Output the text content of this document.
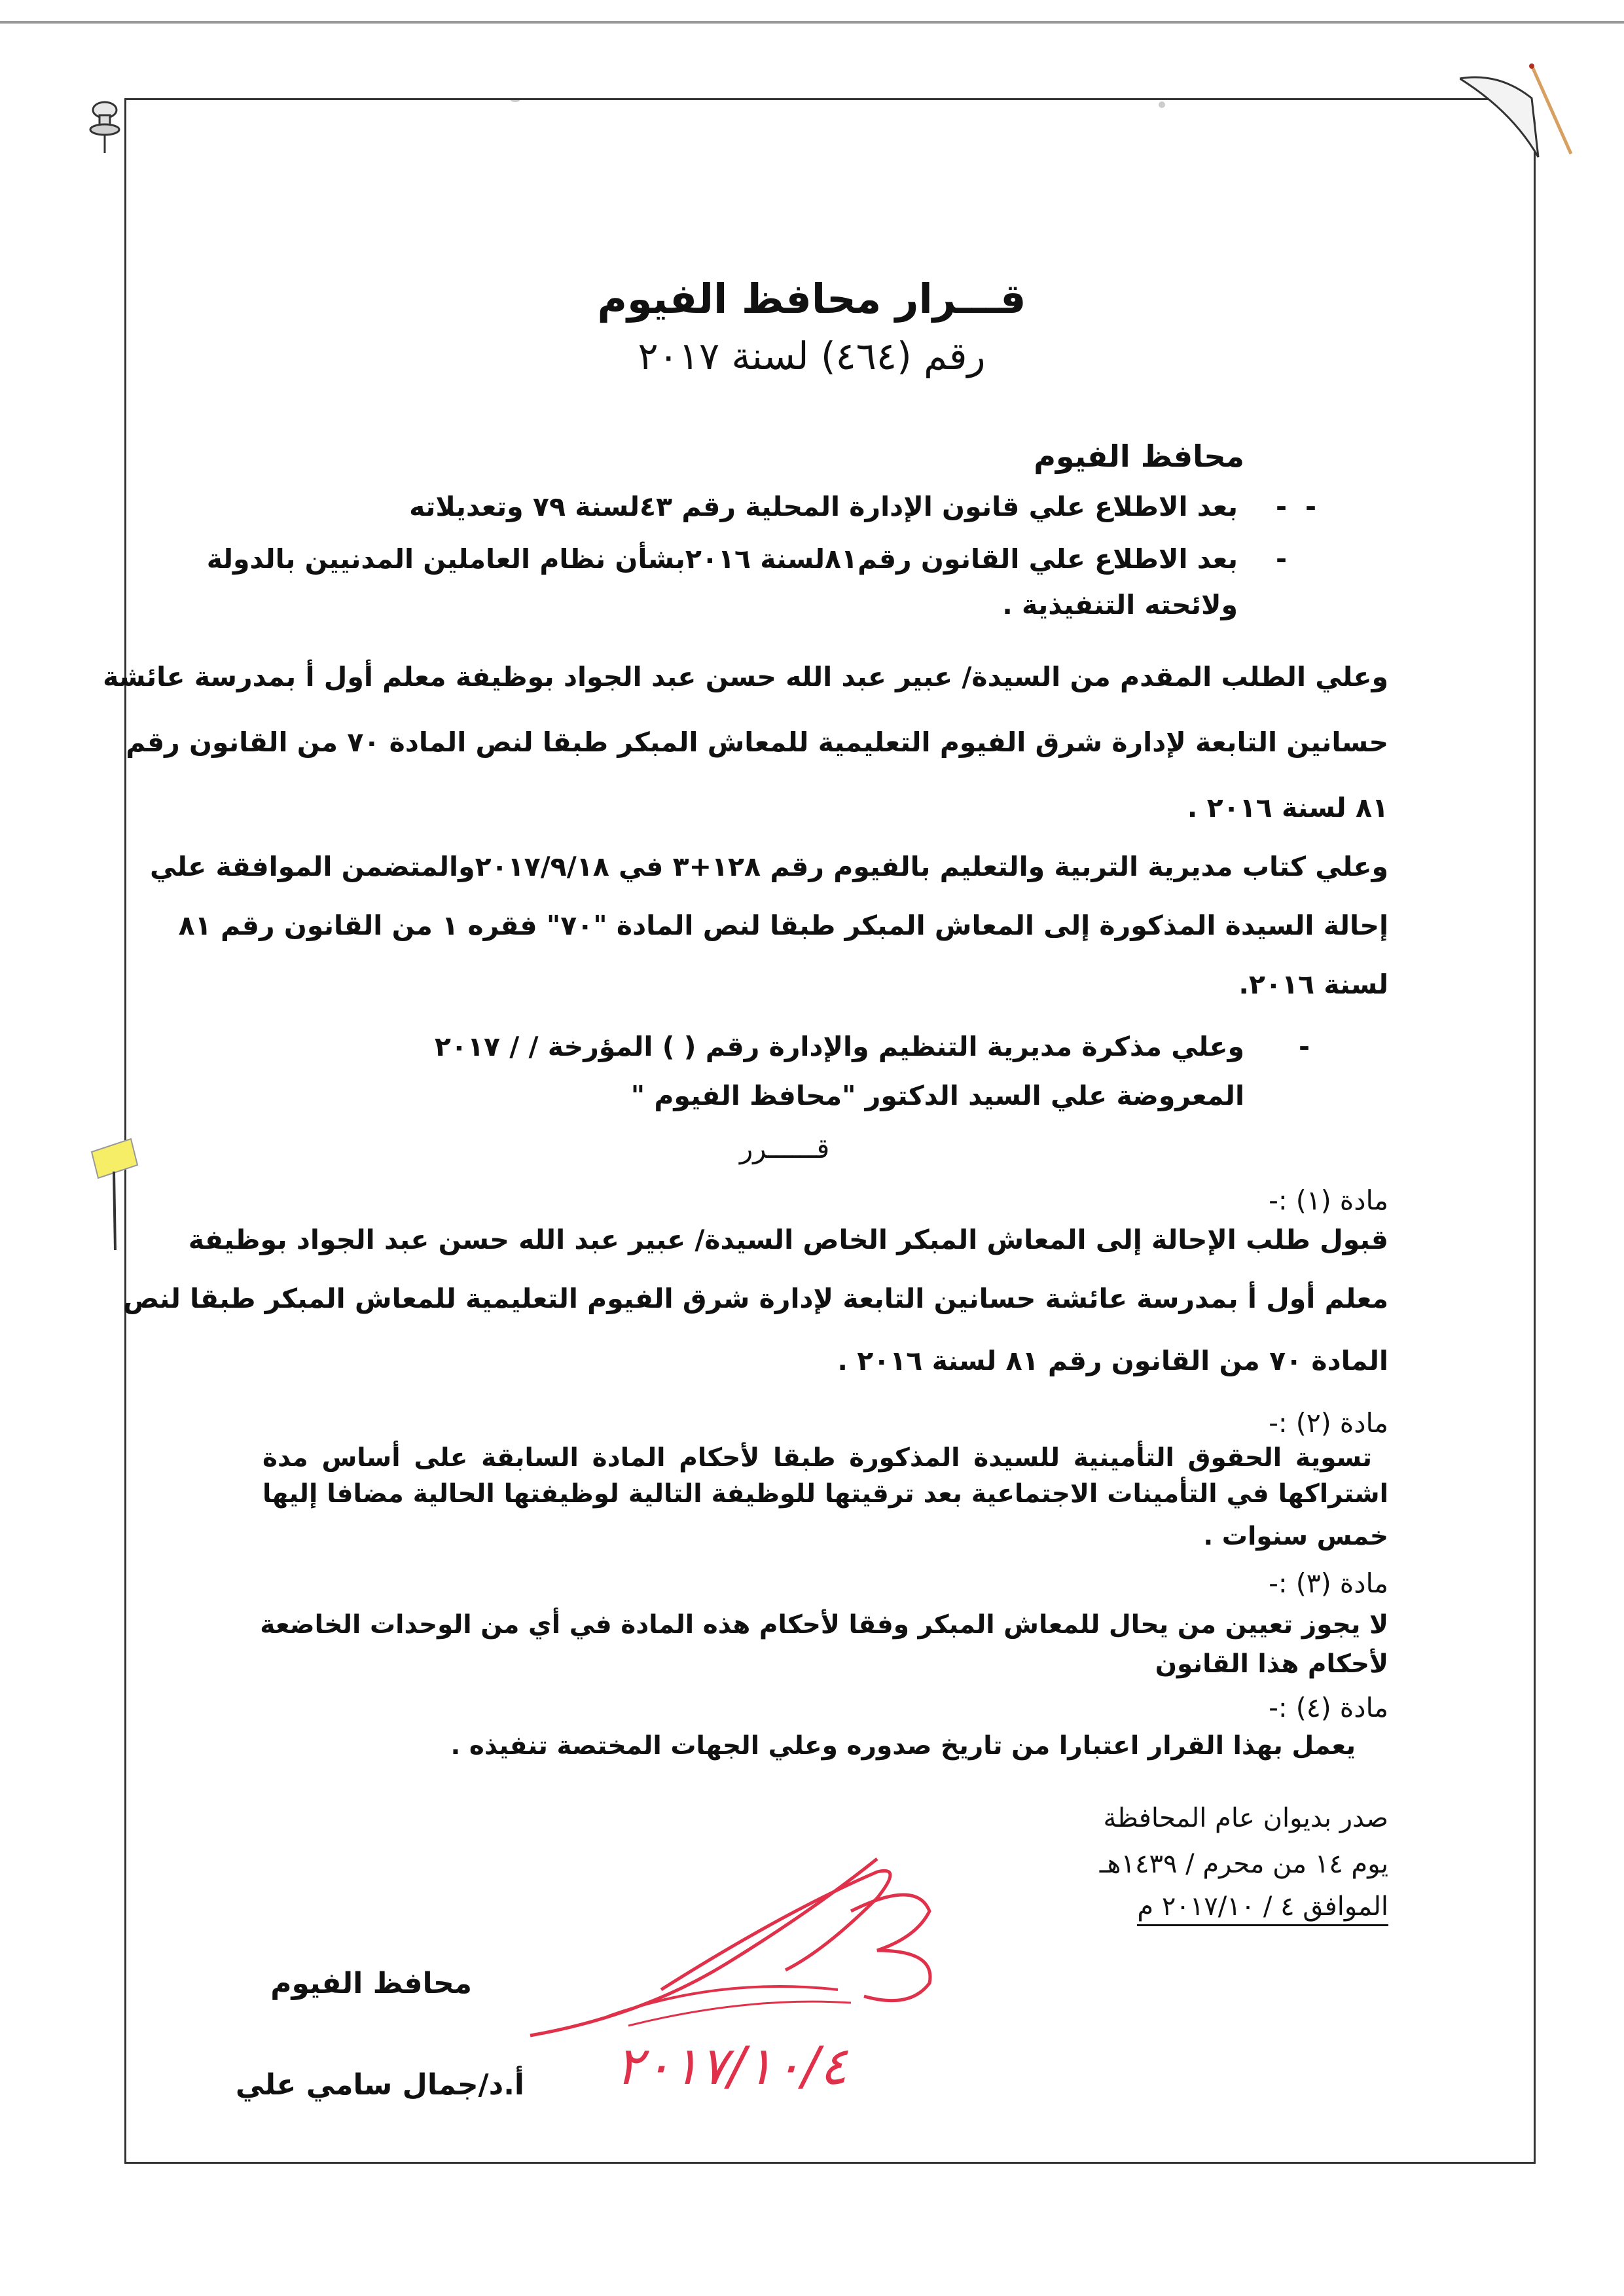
قـــرار محافظ الفيوم
رقم (٤٦٤) لسنة ٢٠١٧
محافظ الفيوم
-
بعد الاطلاع علي قانون الإدارة المحلية رقم ٤٣لسنة ٧٩ وتعديلاته -
-
بعد الاطلاع علي القانون رقم٨١لسنة ٢٠١٦بشأن نظام العاملين المدنيين بالدولة
ولائحته التنفيذية .
وعلي الطلب المقدم من السيدة/ عبير عبد الله حسن عبد الجواد بوظيفة معلم أول أ بمدرسة عائشة
حسانين التابعة لإدارة شرق الفيوم التعليمية للمعاش المبكر طبقا لنص المادة ٧٠ من القانون رقم
٨١ لسنة ٢٠١٦ .
وعلي كتاب مديرية التربية والتعليم بالفيوم رقم ١٢٨+٣ في ٢٠١٧/٩/١٨والمتضمن الموافقة علي
إحالة السيدة المذكورة إلى المعاش المبكر طبقا لنص المادة "٧٠" فقره ١ من القانون رقم ٨١
لسنة ٢٠١٦.
-
وعلي مذكرة مديرية التنظيم والإدارة رقم ( ) المؤرخة / / ٢٠١٧
المعروضة علي السيد الدكتور "محافظ الفيوم "
قــــــرر
مادة (١) :-
قبول طلب الإحالة إلى المعاش المبكر الخاص السيدة/ عبير عبد الله حسن عبد الجواد بوظيفة
معلم أول أ بمدرسة عائشة حسانين التابعة لإدارة شرق الفيوم التعليمية للمعاش المبكر طبقا لنص
المادة ٧٠ من القانون رقم ٨١ لسنة ٢٠١٦ .
مادة (٢) :-
تسوية الحقوق التأمينية للسيدة المذكورة طبقا لأحكام المادة السابقة على أساس مدة
اشتراكها في التأمينات الاجتماعية بعد ترقيتها للوظيفة التالية لوظيفتها الحالية مضافا إليها
خمس سنوات .
مادة (٣) :-
لا يجوز تعيين من يحال للمعاش المبكر وفقا لأحكام هذه المادة في أي من الوحدات الخاضعة
لأحكام هذا القانون
مادة (٤) :-
يعمل بهذا القرار اعتبارا من تاريخ صدوره وعلي الجهات المختصة تنفيذه .
صدر بديوان عام المحافظة
يوم ١٤ من محرم / ١٤٣٩هـ
الموافق ٤ / ٢٠١٧/١٠ م
محافظ الفيوم
أ.د/جمال سامي علي ٢٠١٧/١٠/٤
